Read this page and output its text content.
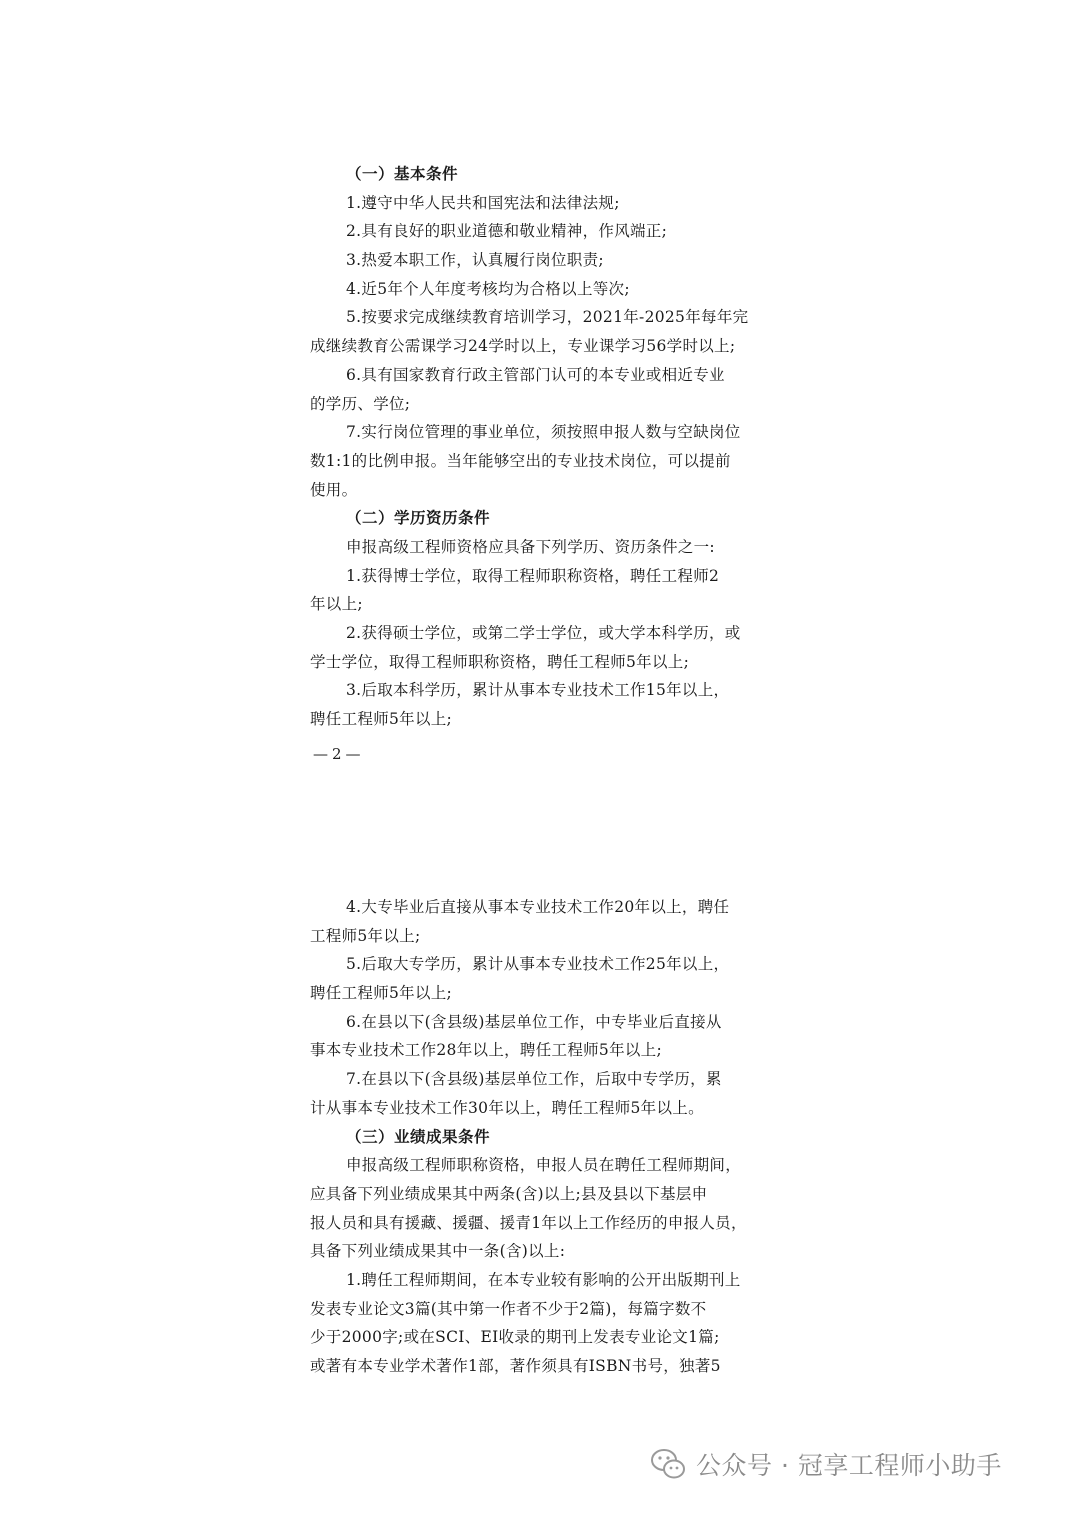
（一）基本条件
1.遵守中华人民共和国宪法和法律法规;
2.具有良好的职业道德和敬业精神，作风端正;
3.热爱本职工作，认真履行岗位职责;
4.近5年个人年度考核均为合格以上等次;
5.按要求完成继续教育培训学习，2021年-2025年每年完
成继续教育公需课学习24学时以上，专业课学习56学时以上;
6.具有国家教育行政主管部门认可的本专业或相近专业
的学历、学位;
7.实行岗位管理的事业单位，须按照申报人数与空缺岗位
数1:1的比例申报。当年能够空出的专业技术岗位，可以提前
使用。
（二）学历资历条件
申报高级工程师资格应具备下列学历、资历条件之一:
1.获得博士学位，取得工程师职称资格，聘任工程师2
年以上;
2.获得硕士学位，或第二学士学位，或大学本科学历，或
学士学位，取得工程师职称资格，聘任工程师5年以上;
3.后取本科学历，累计从事本专业技术工作15年以上，
聘任工程师5年以上;
—2—
4.大专毕业后直接从事本专业技术工作20年以上，聘任
工程师5年以上;
5.后取大专学历，累计从事本专业技术工作25年以上，
聘任工程师5年以上;
6.在县以下(含县级)基层单位工作，中专毕业后直接从
事本专业技术工作28年以上，聘任工程师5年以上;
7.在县以下(含县级)基层单位工作，后取中专学历，累
计从事本专业技术工作30年以上，聘任工程师5年以上。
（三）业绩成果条件
申报高级工程师职称资格，申报人员在聘任工程师期间，
应具备下列业绩成果其中两条(含)以上;县及县以下基层申
报人员和具有援藏、援疆、援青1年以上工作经历的申报人员，
具备下列业绩成果其中一条(含)以上:
1.聘任工程师期间，在本专业较有影响的公开出版期刊上
发表专业论文3篇(其中第一作者不少于2篇)，每篇字数不
少于2000字;或在SCI、EI收录的期刊上发表专业论文1篇;
或著有本专业学术著作1部，著作须具有ISBN书号，独著5
公众号 · 冠享工程师小助手
